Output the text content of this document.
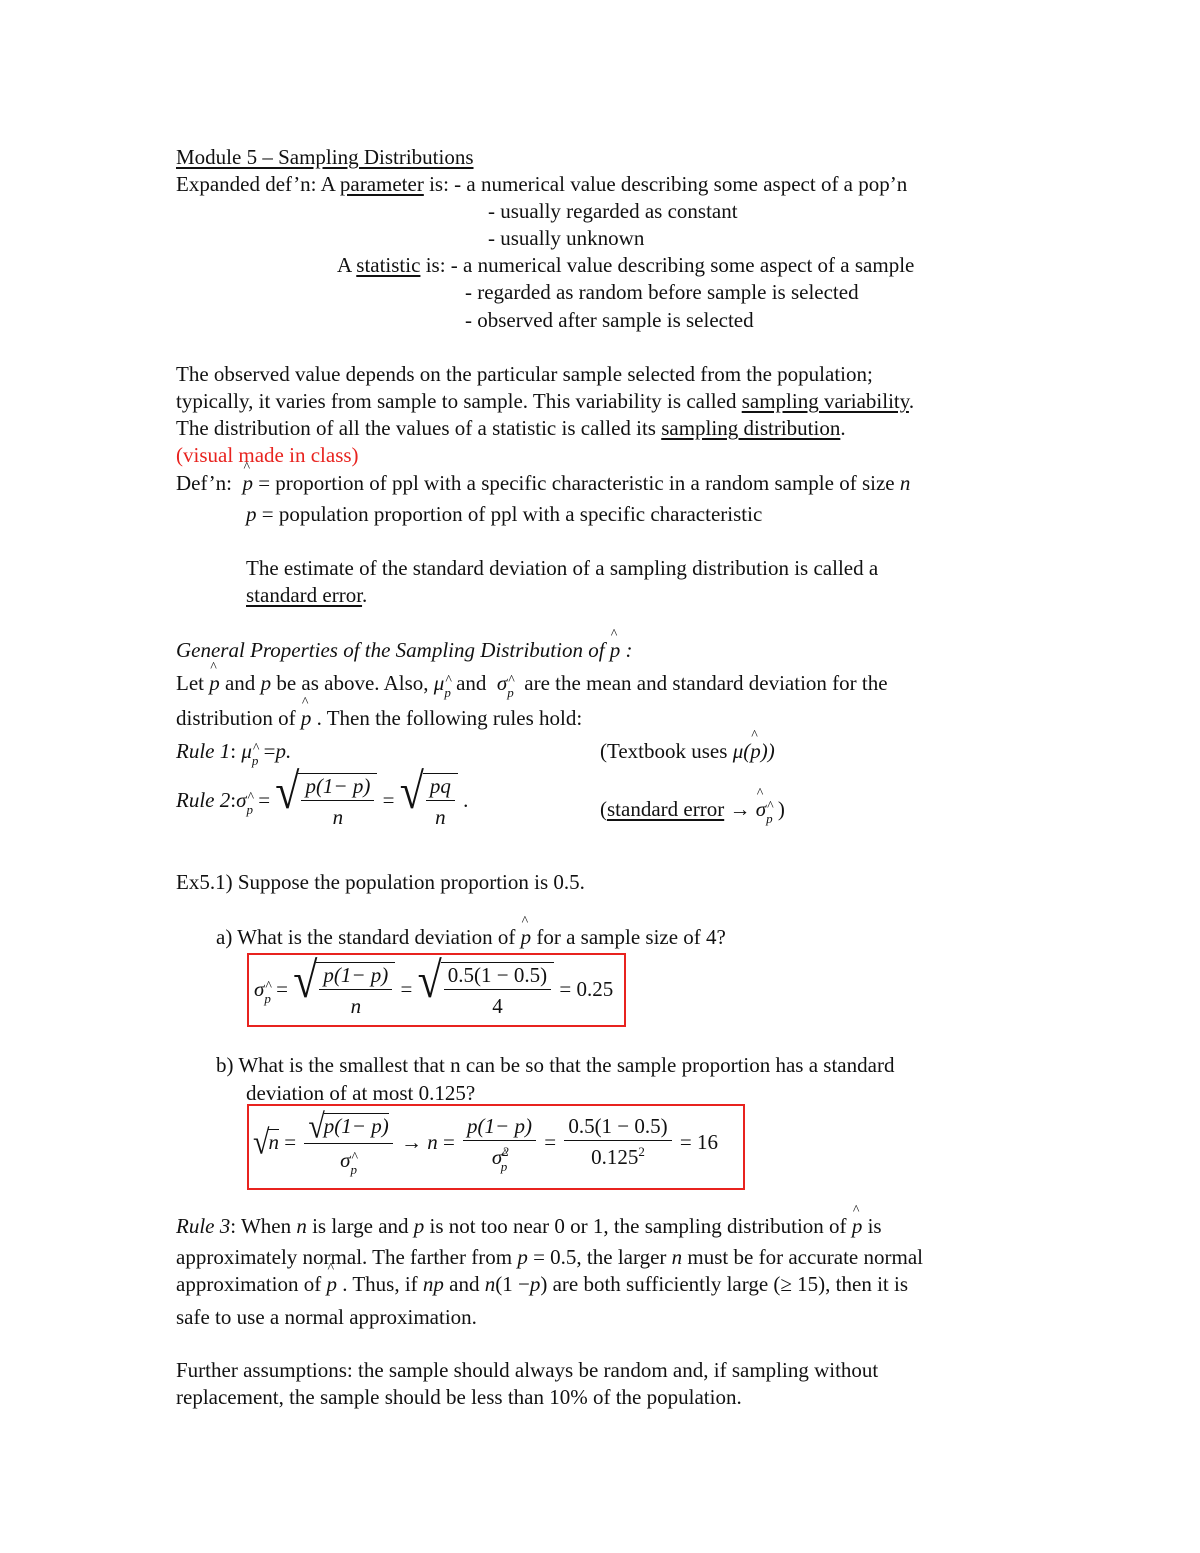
Module 5 – Sampling Distributions
Expanded def’n: A parameter is: - a numerical value describing some aspect of a pop’n
- usually regarded as constant
- usually unknown
A statistic is: - a numerical value describing some aspect of a sample
- regarded as random before sample is selected
- observed after sample is selected
The observed value depends on the particular sample selected from the population;
typically, it varies from sample to sample. This variability is called sampling variability.
The distribution of all the values of a statistic is called its sampling distribution.
(visual made in class)
Def’n: ^ p = proportion of ppl with a specific characteristic in a random sample of size n
p = population proportion of ppl with a specific characteristic
The estimate of the standard deviation of a sampling distribution is called a
standard error.
General Properties of the Sampling Distribution of ^ p :
Let ^ p and p be as above. Also, μ^ $_p$ and  σ^ $_p$  are the mean and standard deviation for the
distribution of ^ p . Then the following rules hold:
Rule 1: μ^ $_p$ =p.	(Textbook uses μ(^ p))
Rule 2 : σ^ $_p$ = √ $\frac{p(1- p)}{n}$ = √ $\frac{pq}{n}$ .	(standard error → ^ σ^ $_p$ )
Ex5.1) Suppose the population proportion is 0.5.
a) What is the standard deviation of ^ p for a sample size of 4?
σ^ $_p$ = √ $\frac{p(1- p)}{n}$ = √ $\frac{0.5(1 - 0.5)}{4}$
= 0.25
b) What is the smallest that n can be so that the sample proportion has a standard
deviation of at most 0.125?
√ $n = \frac{√ p(1- p)}{\sigma\^{} _p} \to n = \frac{p(1- p)}{\sigma^2\^{} _p} = \frac{0.5(1 - 0.5)}{0.125^2}$
= 16
Rule 3: When n is large and p is not too near 0 or 1, the sampling distribution of ^ p is
approximately normal. The farther from p = 0.5, the larger n must be for accurate normal
approximation of ^ p . Thus, if np and n(1 −p) are both sufficiently large (≥ 15), then it is
safe to use a normal approximation.
Further assumptions: the sample should always be random and, if sampling without
replacement, the sample should be less than 10% of the population.
